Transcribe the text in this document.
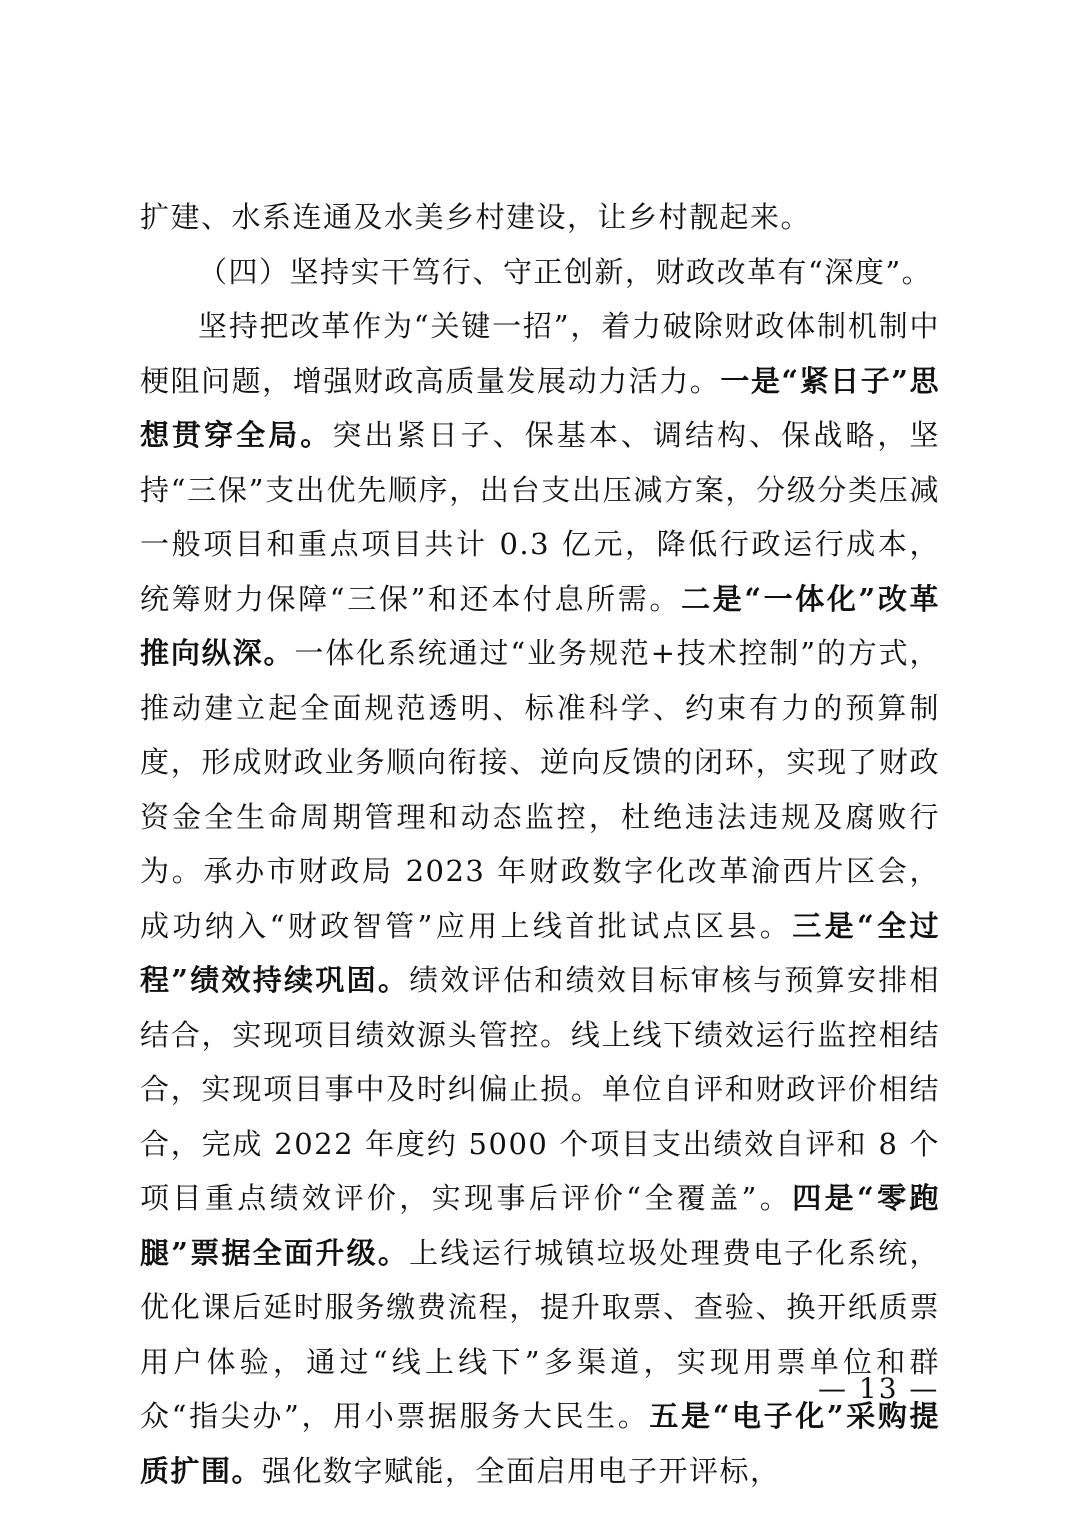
扩建、水系连通及水美乡村建设，让乡村靓起来。

（四）坚持实干笃行、守正创新，财政改革有“深度”。

坚持把改革作为“关键一招”，着力破除财政体制机制中梗阻问题，增强财政高质量发展动力活力。一是“紧日子”思想贯穿全局。突出紧日子、保基本、调结构、保战略，坚持“三保”支出优先顺序，出台支出压减方案，分级分类压减一般项目和重点项目共计 0.3 亿元，降低行政运行成本，统筹财力保障“三保”和还本付息所需。二是“一体化”改革推向纵深。一体化系统通过“业务规范+技术控制”的方式，推动建立起全面规范透明、标准科学、约束有力的预算制度，形成财政业务顺向衔接、逆向反馈的闭环，实现了财政资金全生命周期管理和动态监控，杜绝违法违规及腐败行为。承办市财政局 2023 年财政数字化改革渝西片区会，成功纳入“财政智管”应用上线首批试点区县。三是“全过程”绩效持续巩固。绩效评估和绩效目标审核与预算安排相结合，实现项目绩效源头管控。线上线下绩效运行监控相结合，实现项目事中及时纠偏止损。单位自评和财政评价相结合，完成 2022 年度约 5000 个项目支出绩效自评和 8 个项目重点绩效评价，实现事后评价“全覆盖”。四是“零跑腿”票据全面升级。上线运行城镇垃圾处理费电子化系统，优化课后延时服务缴费流程，提升取票、查验、换开纸质票用户体验，通过“线上线下”多渠道，实现用票单位和群众“指尖办”，用小票据服务大民生。五是“电子化”采购提质扩围。强化数字赋能，全面启用电子开评标，

— 13 —
